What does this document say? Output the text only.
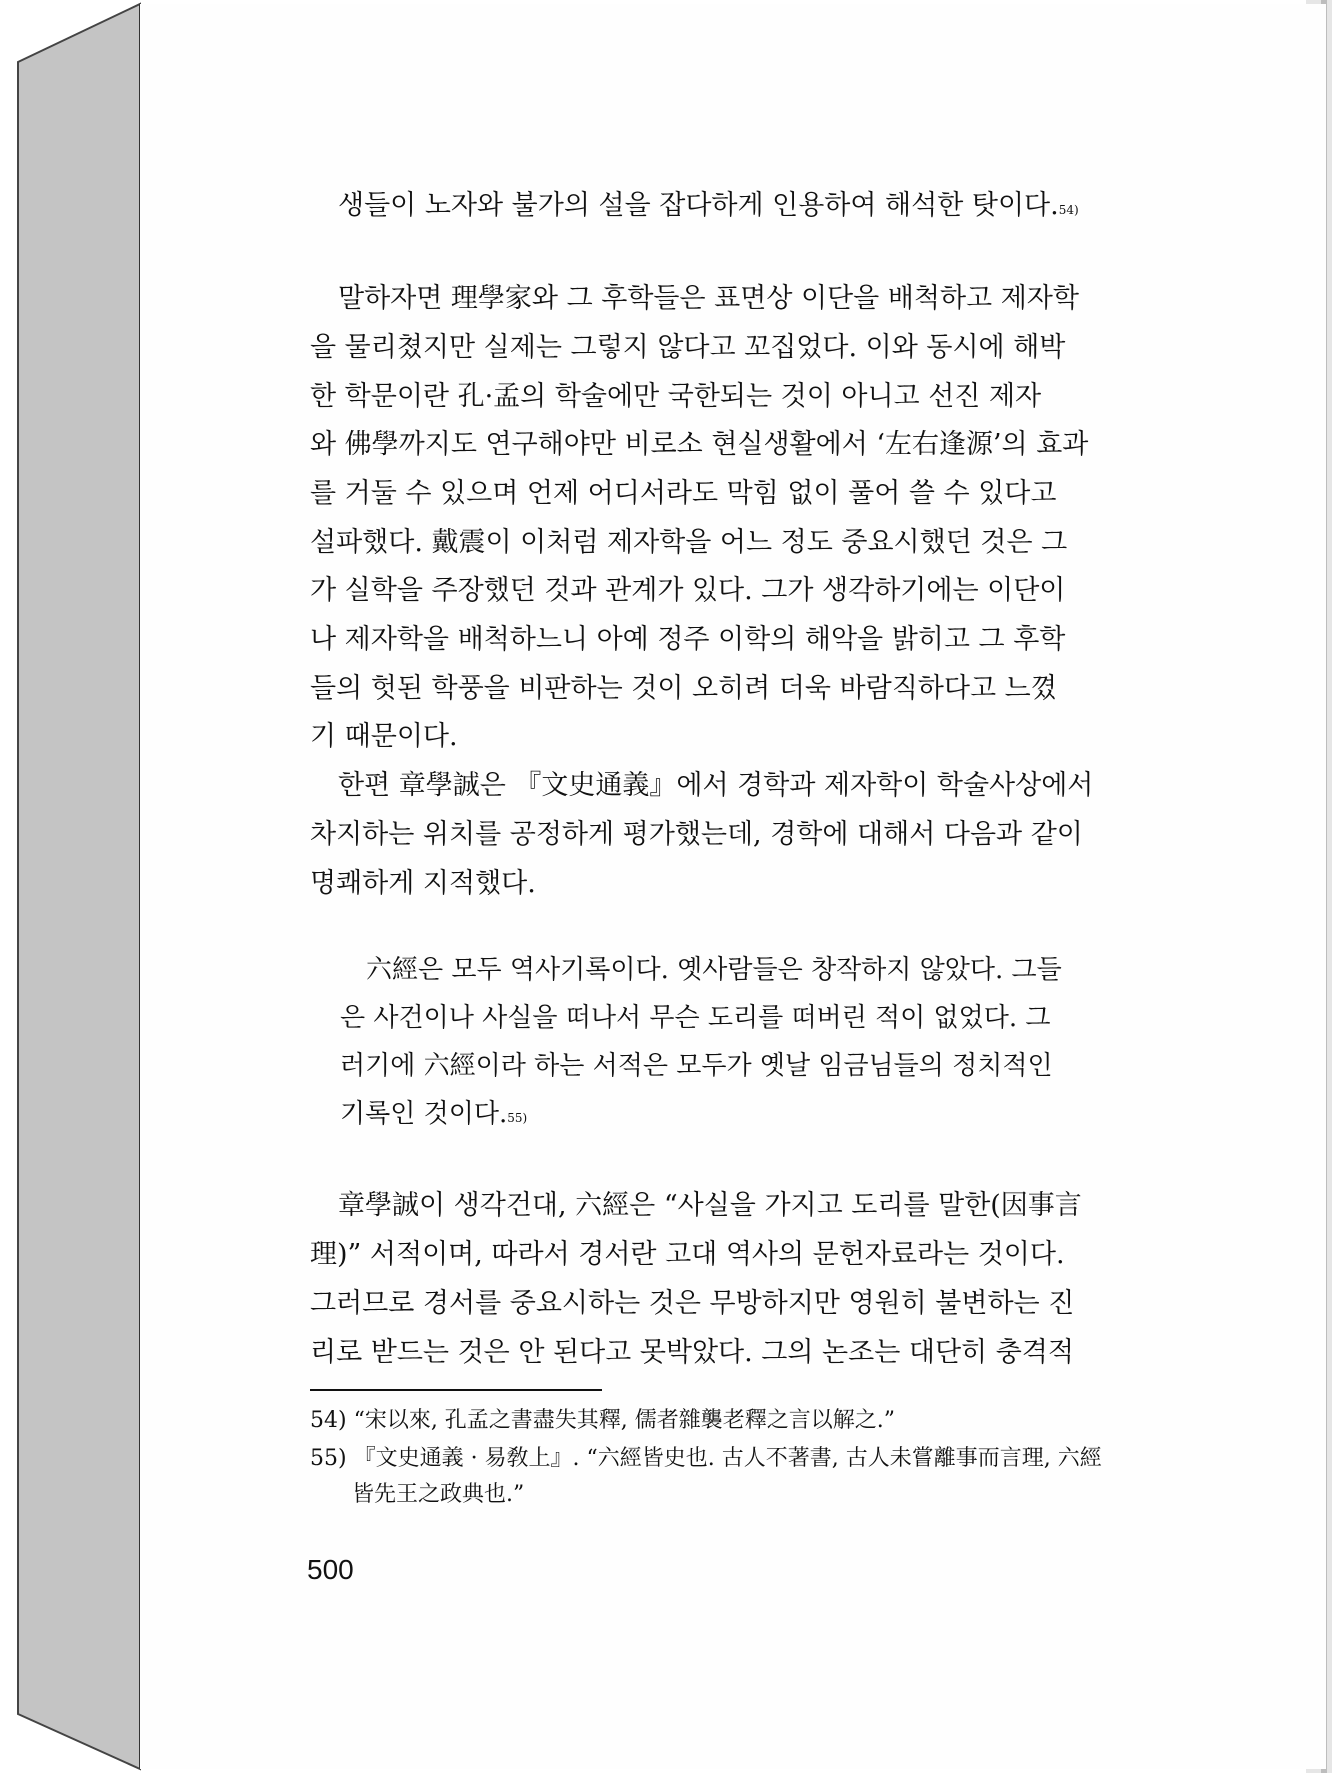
생들이 노자와 불가의 설을 잡다하게 인용하여 해석한 탓이다. 54)
말하자면 理學家와 그 후학들은 표면상 이단을 배척하고 제자학
을 물리쳤지만 실제는 그렇지 않다고 꼬집었다. 이와 동시에 해박
한 학문이란 孔·孟의 학술에만 국한되는 것이 아니고 선진 제자
와 佛學까지도 연구해야만 비로소 현실생활에서 ‘左右逢源’의 효과
를 거둘 수 있으며 언제 어디서라도 막힘 없이 풀어 쓸 수 있다고
설파했다. 戴震이 이처럼 제자학을 어느 정도 중요시했던 것은 그
가 실학을 주장했던 것과 관계가 있다. 그가 생각하기에는 이단이
나 제자학을 배척하느니 아예 정주 이학의 해악을 밝히고 그 후학
들의 헛된 학풍을 비판하는 것이 오히려 더욱 바람직하다고 느꼈
기 때문이다.
한편 章學誠은 『文史通義』에서 경학과 제자학이 학술사상에서
차지하는 위치를 공정하게 평가했는데, 경학에 대해서 다음과 같이
명쾌하게 지적했다.
六經은 모두 역사기록이다. 옛사람들은 창작하지 않았다. 그들
은 사건이나 사실을 떠나서 무슨 도리를 떠버린 적이 없었다. 그
러기에 六經이라 하는 서적은 모두가 옛날 임금님들의 정치적인
기록인 것이다. 55)
章學誠이 생각건대, 六經은 “사실을 가지고 도리를 말한(因事言
理)” 서적이며, 따라서 경서란 고대 역사의 문헌자료라는 것이다.
그러므로 경서를 중요시하는 것은 무방하지만 영원히 불변하는 진
리로 받드는 것은 안 된다고 못박았다. 그의 논조는 대단히 충격적
54) “宋以來, 孔孟之書盡失其釋, 儒者雜襲老釋之言以解之.”
55) 『文史通義 · 易敎上』. “六經皆史也. 古人不著書, 古人未嘗離事而言理, 六經
皆先王之政典也.”
500
